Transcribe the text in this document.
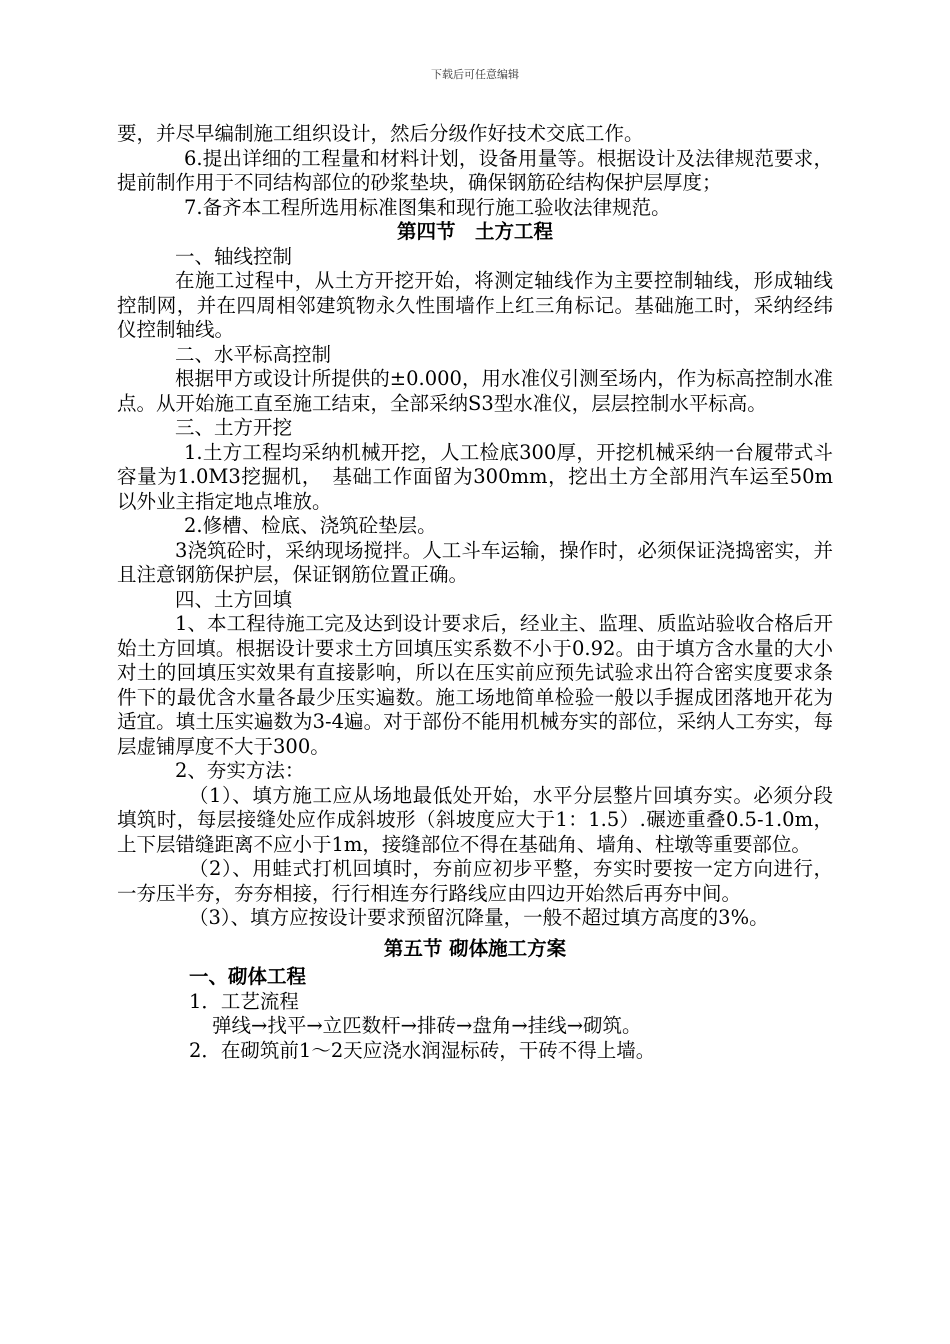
下载后可任意编辑

要，并尽早编制施工组织设计，然后分级作好技术交底工作。

6.提出详细的工程量和材料计划，设备用量等。根据设计及法律规范要求，提前制作用于不同结构部位的砂浆垫块，确保钢筋砼结构保护层厚度；

7.备齐本工程所选用标准图集和现行施工验收法律规范。

第四节　土方工程

一、轴线控制

在施工过程中，从土方开挖开始，将测定轴线作为主要控制轴线，形成轴线控制网，并在四周相邻建筑物永久性围墙作上红三角标记。基础施工时，采纳经纬仪控制轴线。

二、水平标高控制

根据甲方或设计所提供的±0.000，用水准仪引测至场内，作为标高控制水准点。从开始施工直至施工结束，全部采纳S3型水准仪，层层控制水平标高。

三、土方开挖

1.土方工程均采纳机械开挖，人工检底300厚，开挖机械采纳一台履带式斗容量为1.0M3挖掘机，　基础工作面留为300mm，挖出土方全部用汽车运至50m以外业主指定地点堆放。

2.修槽、检底、浇筑砼垫层。

3浇筑砼时，采纳现场搅拌。人工斗车运输，操作时，必须保证浇捣密实，并且注意钢筋保护层，保证钢筋位置正确。

四、土方回填

1、本工程待施工完及达到设计要求后，经业主、监理、质监站验收合格后开始土方回填。根据设计要求土方回填压实系数不小于0.92。由于填方含水量的大小对土的回填压实效果有直接影响，所以在压实前应预先试验求出符合密实度要求条件下的最优含水量各最少压实遍数。施工场地简单检验一般以手握成团落地开花为适宜。填土压实遍数为3-4遍。对于部份不能用机械夯实的部位，采纳人工夯实，每层虚铺厚度不大于300。

2、夯实方法：

（1）、填方施工应从场地最低处开始，水平分层整片回填夯实。必须分段填筑时，每层接缝处应作成斜坡形（斜坡度应大于1：1.5）.碾迹重叠0.5-1.0m，上下层错缝距离不应小于1m，接缝部位不得在基础角、墙角、柱墩等重要部位。

（2）、用蛙式打机回填时，夯前应初步平整，夯实时要按一定方向进行，一夯压半夯，夯夯相接，行行相连夯行路线应由四边开始然后再夯中间。

（3）、填方应按设计要求预留沉降量，一般不超过填方高度的3%。

第五节 砌体施工方案

一、砌体工程

1．工艺流程

弹线→找平→立匹数杆→排砖→盘角→挂线→砌筑。

2．在砌筑前1～2天应浇水润湿标砖，干砖不得上墙。
